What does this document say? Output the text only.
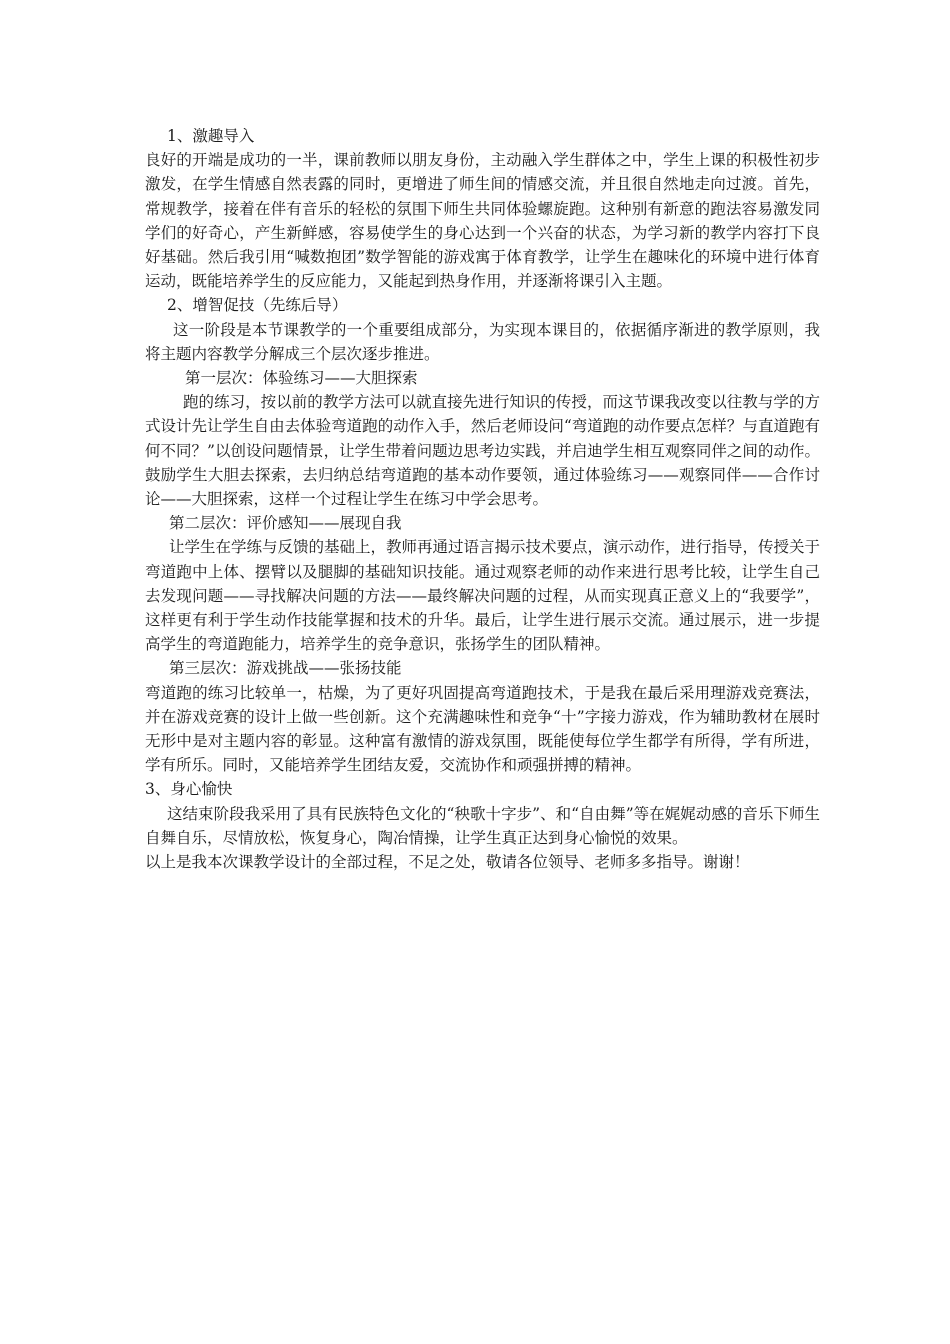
1、激趣导入

良好的开端是成功的一半，课前教师以朋友身份，主动融入学生群体之中，学生上课的积极性初步激发，在学生情感自然表露的同时，更增进了师生间的情感交流，并且很自然地走向过渡。首先，常规教学，接着在伴有音乐的轻松的氛围下师生共同体验螺旋跑。这种别有新意的跑法容易激发同学们的好奇心，产生新鲜感，容易使学生的身心达到一个兴奋的状态，为学习新的教学内容打下良好基础。然后我引用“喊数抱团”数学智能的游戏寓于体育教学，让学生在趣味化的环境中进行体育运动，既能培养学生的反应能力，又能起到热身作用，并逐渐将课引入主题。

2、增智促技（先练后导）

这一阶段是本节课教学的一个重要组成部分，为实现本课目的，依据循序渐进的教学原则，我将主题内容教学分解成三个层次逐步推进。

第一层次：体验练习——大胆探索

跑的练习，按以前的教学方法可以就直接先进行知识的传授，而这节课我改变以往教与学的方式设计先让学生自由去体验弯道跑的动作入手，然后老师设问“弯道跑的动作要点怎样？与直道跑有何不同？”以创设问题情景，让学生带着问题边思考边实践，并启迪学生相互观察同伴之间的动作。鼓励学生大胆去探索，去归纳总结弯道跑的基本动作要领，通过体验练习——观察同伴——合作讨论——大胆探索，这样一个过程让学生在练习中学会思考。

第二层次：评价感知——展现自我

让学生在学练与反馈的基础上，教师再通过语言揭示技术要点，演示动作，进行指导，传授关于弯道跑中上体、摆臂以及腿脚的基础知识技能。通过观察老师的动作来进行思考比较，让学生自己去发现问题——寻找解决问题的方法——最终解决问题的过程，从而实现真正意义上的“我要学”，这样更有利于学生动作技能掌握和技术的升华。最后，让学生进行展示交流。通过展示，进一步提高学生的弯道跑能力，培养学生的竞争意识，张扬学生的团队精神。

第三层次：游戏挑战——张扬技能

弯道跑的练习比较单一，枯燥，为了更好巩固提高弯道跑技术，于是我在最后采用理游戏竞赛法，并在游戏竞赛的设计上做一些创新。这个充满趣味性和竞争“十”字接力游戏，作为辅助教材在展时无形中是对主题内容的彰显。这种富有激情的游戏氛围，既能使每位学生都学有所得，学有所进，学有所乐。同时，又能培养学生团结友爱，交流协作和顽强拼搏的精神。

3、身心愉快

这结束阶段我采用了具有民族特色文化的“秧歌十字步”、和“自由舞”等在娓娓动感的音乐下师生自舞自乐，尽情放松，恢复身心，陶冶情操，让学生真正达到身心愉悦的效果。

以上是我本次课教学设计的全部过程，不足之处，敬请各位领导、老师多多指导。谢谢！
